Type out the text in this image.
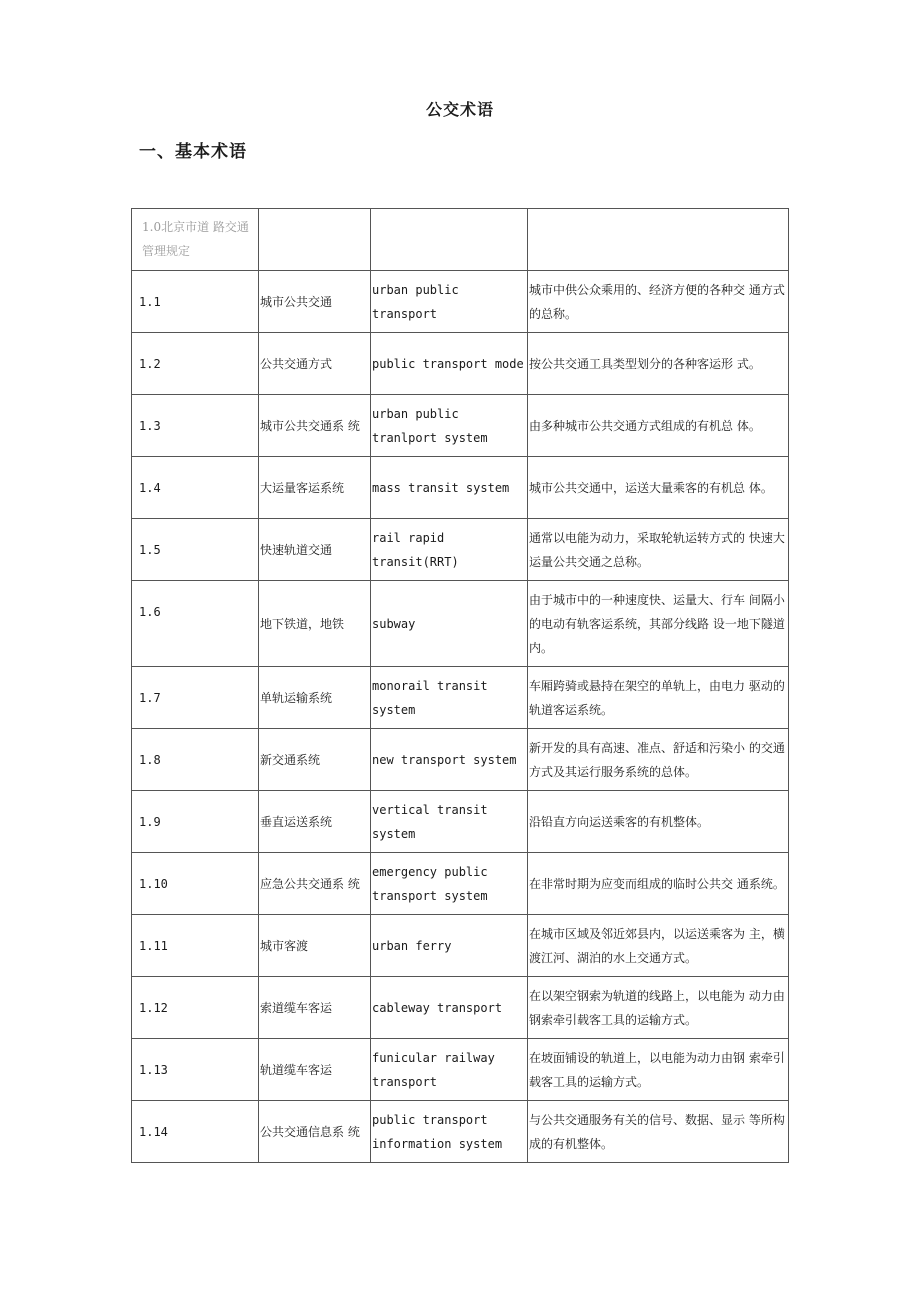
公交术语
一、基本术语
1.0北京市道 路交通管理规定			
1.1	城市公共交通	urban public transport	城市中供公众乘用的、经济方便的各种交 通方式的总称。
1.2	公共交通方式	public transport mode	按公共交通工具类型划分的各种客运形 式。
1.3	城市公共交通系 统	urban public tranlport system	由多种城市公共交通方式组成的有机总 体。
1.4	大运量客运系统	mass transit system	城市公共交通中，运送大量乘客的有机总 体。
1.5	快速轨道交通	rail rapid transit(RRT)	通常以电能为动力，采取轮轨运转方式的 快速大运量公共交通之总称。
1.6	地下铁道，地铁	subway	由于城市中的一种速度快、运量大、行车 间隔小的电动有轨客运系统，其部分线路 设一地下隧道内。
1.7	单轨运输系统	monorail transit system	车厢跨骑或悬持在架空的单轨上，由电力 驱动的轨道客运系统。
1.8	新交通系统	new transport system	新开发的具有高速、准点、舒适和污染小 的交通方式及其运行服务系统的总体。
1.9	垂直运送系统	vertical transit system	沿铅直方向运送乘客的有机整体。
1.10	应急公共交通系 统	emergency public transport system	在非常时期为应变而组成的临时公共交 通系统。
1.11	城市客渡	urban ferry	在城市区域及邻近郊县内，以运送乘客为 主，横渡江河、湖泊的水上交通方式。
1.12	索道缆车客运	cableway transport	在以架空钢索为轨道的线路上，以电能为 动力由钢索牵引载客工具的运输方式。
1.13	轨道缆车客运	funicular railway transport	在坡面铺设的轨道上，以电能为动力由钢 索牵引载客工具的运输方式。
1.14	公共交通信息系 统	public transport information system	与公共交通服务有关的信号、数据、显示 等所构成的有机整体。
